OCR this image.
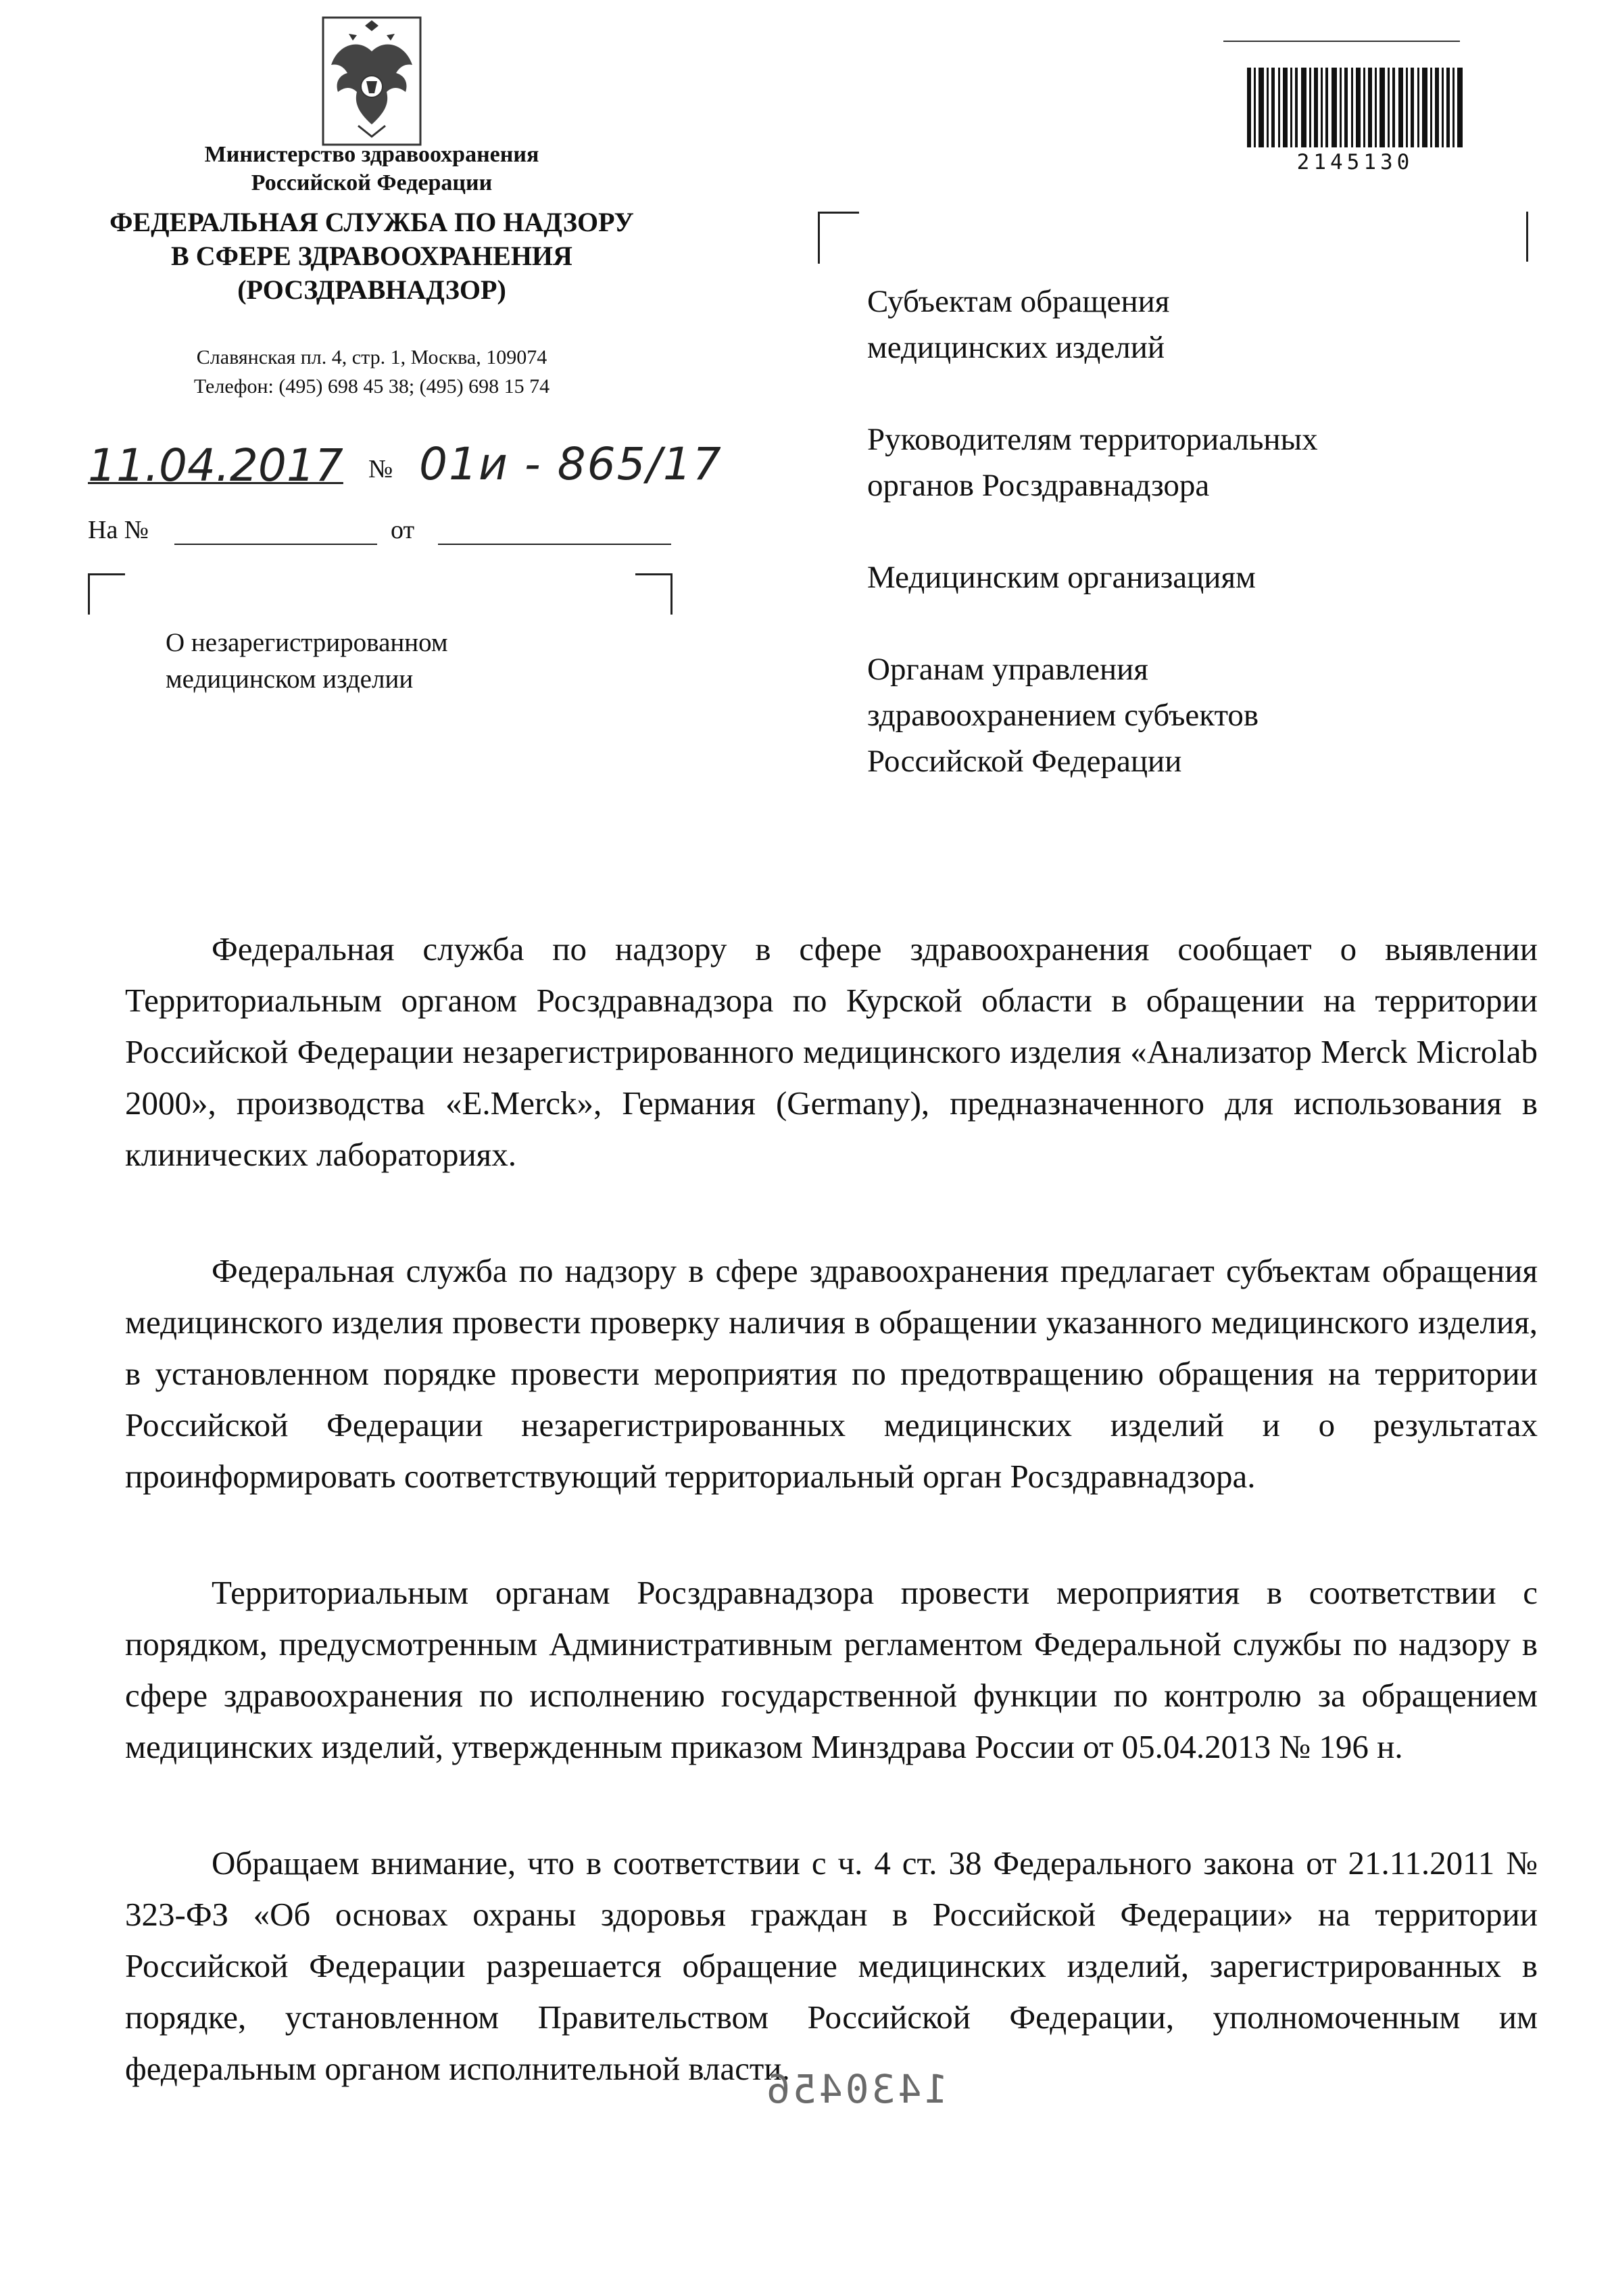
Министерство здравоохранения
Российской Федерации
ФЕДЕРАЛЬНАЯ СЛУЖБА ПО НАДЗОРУ
В СФЕРЕ ЗДРАВООХРАНЕНИЯ
(РОСЗДРАВНАДЗОР)
Славянская пл. 4, стр. 1, Москва, 109074
Телефон: (495) 698 45 38; (495) 698 15 74
11.04.2017 № 01и - 865/17
На №	от
О незарегистрированном
медицинском изделии
2145130
Субъектам обращения
медицинских изделий
Руководителям территориальных
органов Росздравнадзора
Медицинским организациям
Органам управления
здравоохранением субъектов
Российской Федерации
Федеральная служба по надзору в сфере здравоохранения сообщает о выявлении Территориальным органом Росздравнадзора по Курской области в обращении на территории Российской Федерации незарегистрированного медицинского изделия «Анализатор Merck Microlab 2000», производства «E.Merck», Германия (Germany), предназначенного для использования в клинических лабораториях.
Федеральная служба по надзору в сфере здравоохранения предлагает субъектам обращения медицинского изделия провести проверку наличия в обращении указанного медицинского изделия, в установленном порядке провести мероприятия по предотвращению обращения на территории Российской Федерации незарегистрированных медицинских изделий и о результатах проинформировать соответствующий территориальный орган Росздравнадзора.
Территориальным органам Росздравнадзора провести мероприятия в соответствии с порядком, предусмотренным Административным регламентом Федеральной службы по надзору в сфере здравоохранения по исполнению государственной функции по контролю за обращением медицинских изделий, утвержденным приказом Минздрава России от 05.04.2013 № 196 н.
Обращаем внимание, что в соответствии с ч. 4 ст. 38 Федерального закона от 21.11.2011 № 323-ФЗ «Об основах охраны здоровья граждан в Российской Федерации» на территории Российской Федерации разрешается обращение медицинских изделий, зарегистрированных в порядке, установленном Правительством Российской Федерации, уполномоченным им федеральным органом исполнительной власти.
1430456
